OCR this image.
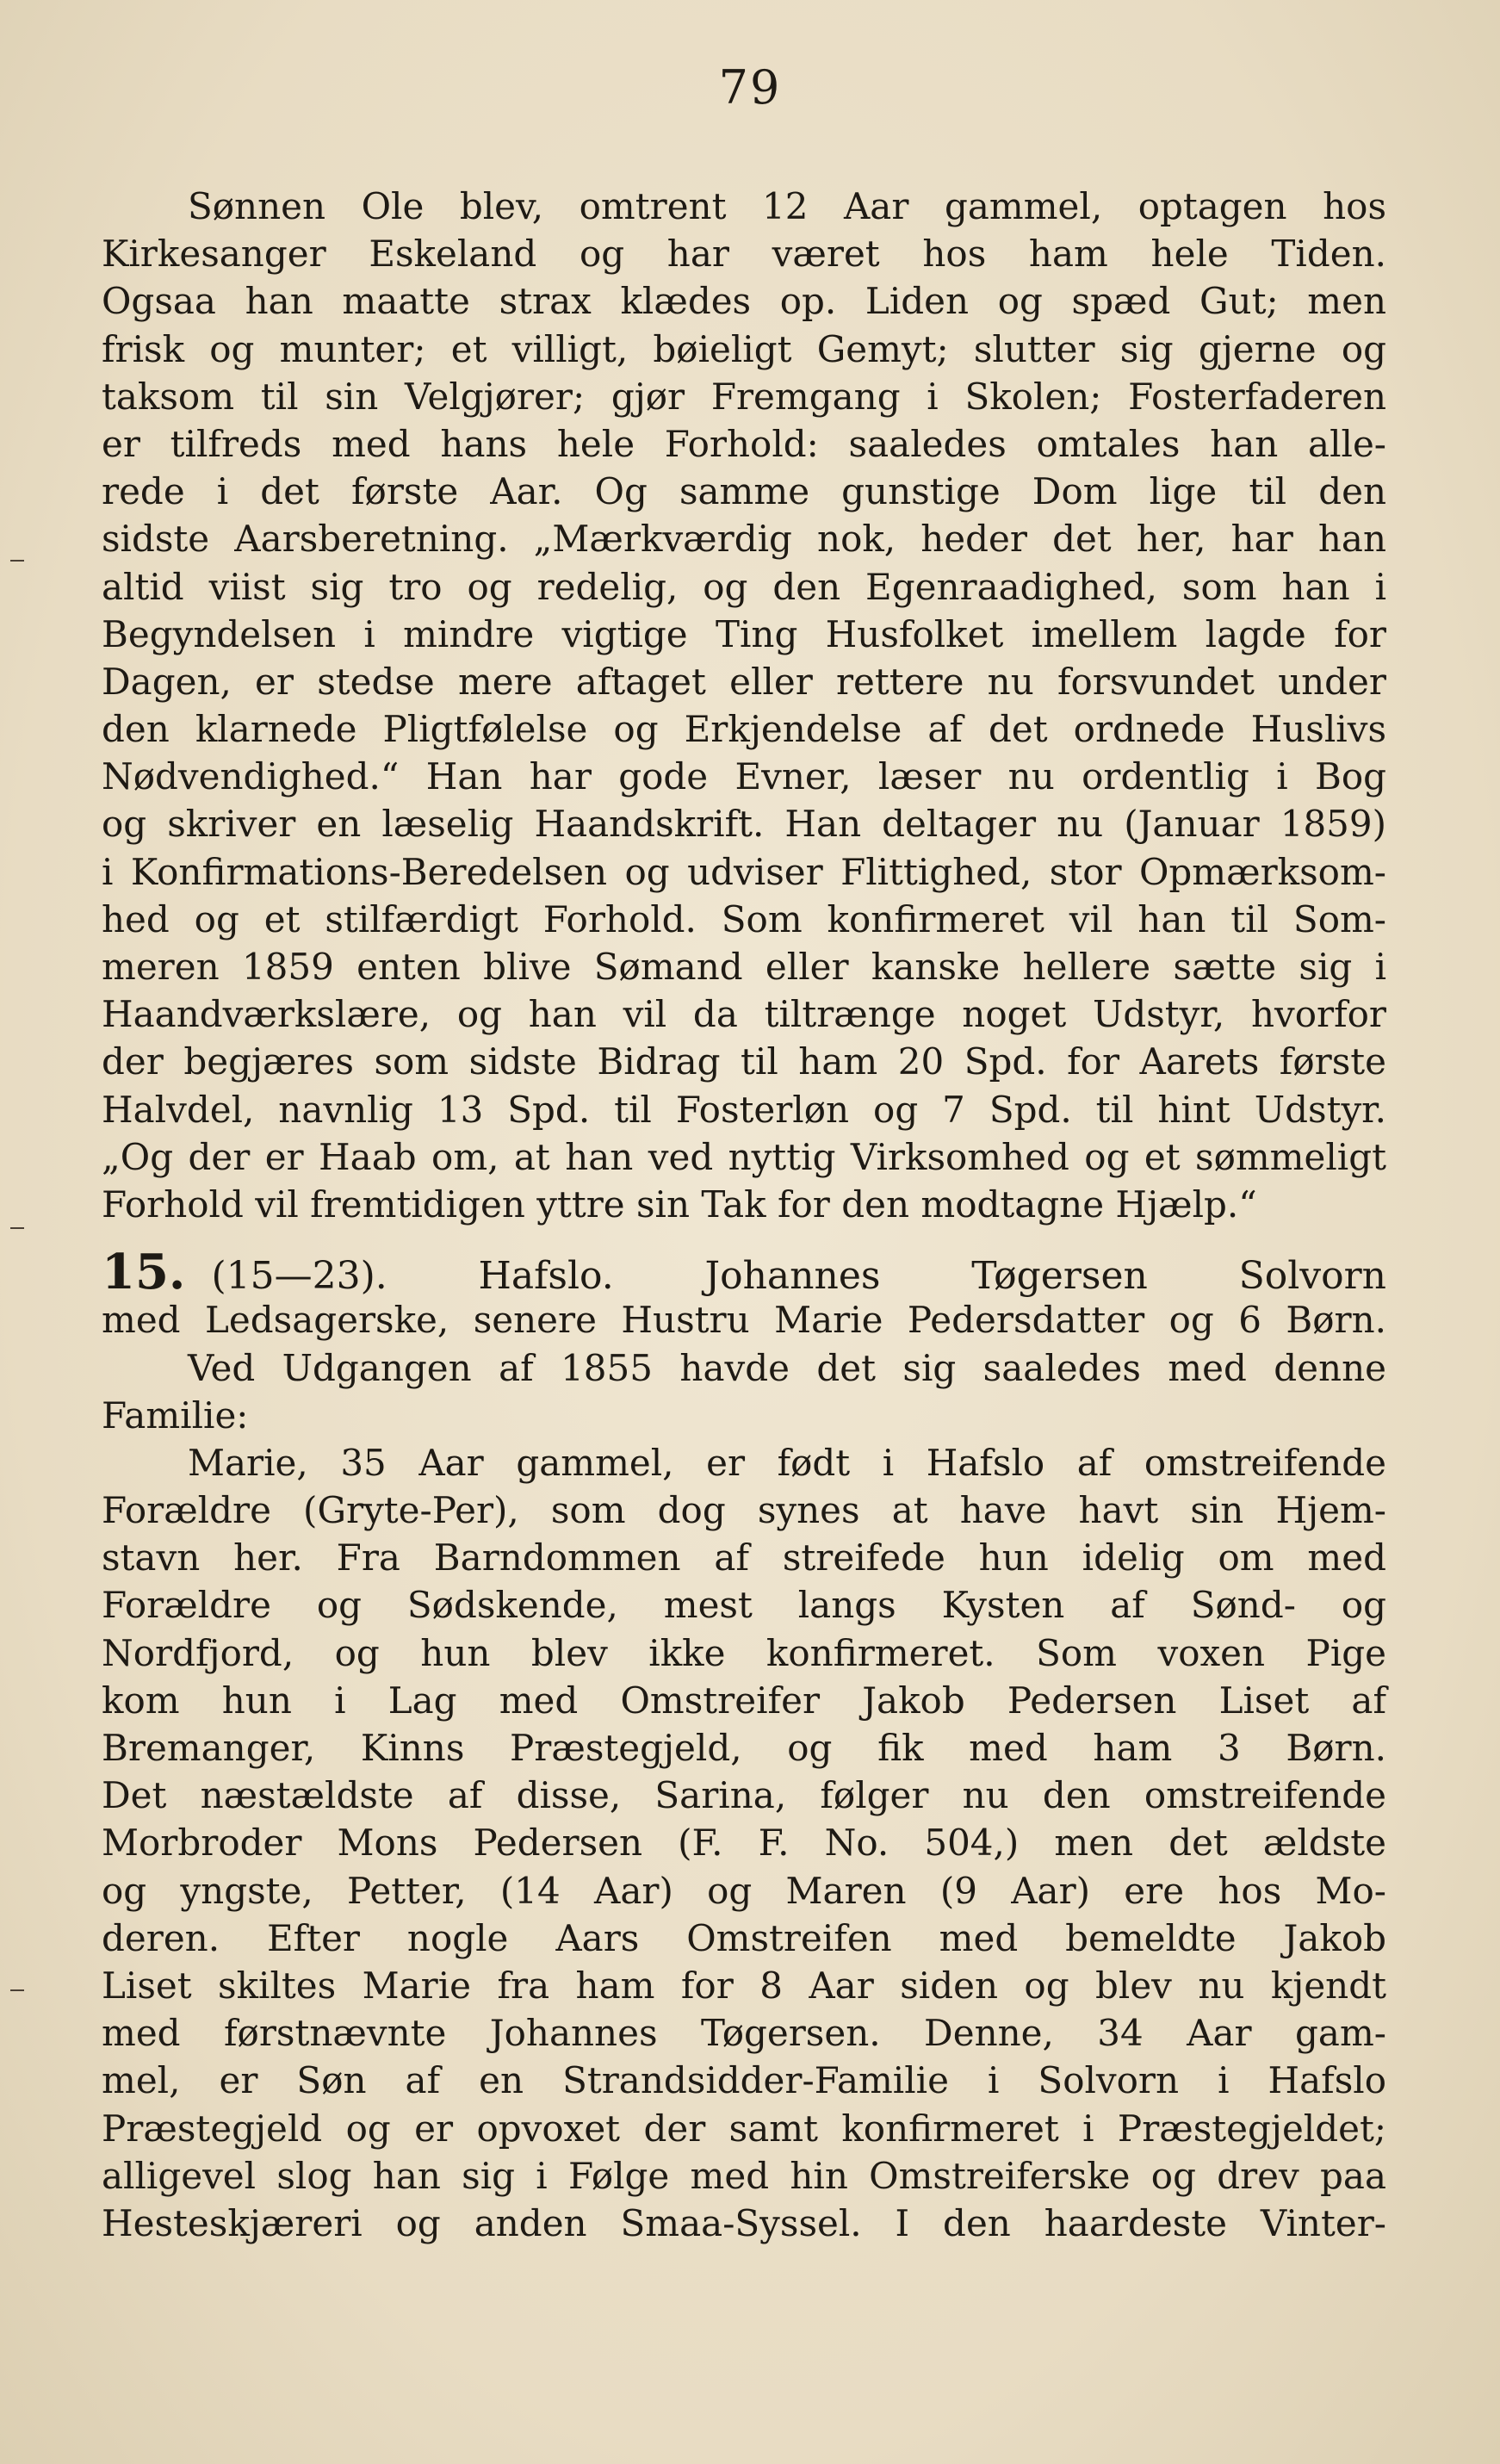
79
Sønnen Ole blev, omtrent 12 Aar gammel, optagen hos
Kirkesanger Eskeland og har været hos ham hele Tiden.
Ogsaa han maatte strax klædes op. Liden og spæd Gut; men
frisk og munter; et villigt, bøieligt Gemyt; slutter sig gjerne og
taksom til sin Velgjører; gjør Fremgang i Skolen; Fosterfaderen
er tilfreds med hans hele Forhold: saaledes omtales han alle-
rede i det første Aar. Og samme gunstige Dom lige til den
sidste Aarsberetning. „Mærkværdig nok, heder det her, har han
altid viist sig tro og redelig, og den Egenraadighed, som han i
Begyndelsen i mindre vigtige Ting Husfolket imellem lagde for
Dagen, er stedse mere aftaget eller rettere nu forsvundet under
den klarnede Pligtfølelse og Erkjendelse af det ordnede Huslivs
Nødvendighed.“ Han har gode Evner, læser nu ordentlig i Bog
og skriver en læselig Haandskrift. Han deltager nu (Januar 1859)
i Konfirmations-Beredelsen og udviser Flittighed, stor Opmærksom-
hed og et stilfærdigt Forhold. Som konfirmeret vil han til Som-
meren 1859 enten blive Sømand eller kanske hellere sætte sig i
Haandværkslære, og han vil da tiltrænge noget Udstyr, hvorfor
der begjæres som sidste Bidrag til ham 20 Spd. for Aarets første
Halvdel, navnlig 13 Spd. til Fosterløn og 7 Spd. til hint Udstyr.
„Og der er Haab om, at han ved nyttig Virksomhed og et sømmeligt
Forhold vil fremtidigen yttre sin Tak for den modtagne Hjælp.“
15. (15—23). Hafslo. Johannes Tøgersen Solvorn
med Ledsagerske, senere Hustru Marie Pedersdatter og 6 Børn.
Ved Udgangen af 1855 havde det sig saaledes med denne
Familie:
Marie, 35 Aar gammel, er født i Hafslo af omstreifende
Forældre (Gryte-Per), som dog synes at have havt sin Hjem-
stavn her. Fra Barndommen af streifede hun idelig om med
Forældre og Sødskende, mest langs Kysten af Sønd- og
Nordfjord, og hun blev ikke konfirmeret. Som voxen Pige
kom hun i Lag med Omstreifer Jakob Pedersen Liset af
Bremanger, Kinns Præstegjeld, og fik med ham 3 Børn.
Det næstældste af disse, Sarina, følger nu den omstreifende
Morbroder Mons Pedersen (F. F. No. 504,) men det ældste
og yngste, Petter, (14 Aar) og Maren (9 Aar) ere hos Mo-
deren. Efter nogle Aars Omstreifen med bemeldte Jakob
Liset skiltes Marie fra ham for 8 Aar siden og blev nu kjendt
med førstnævnte Johannes Tøgersen. Denne, 34 Aar gam-
mel, er Søn af en Strandsidder-Familie i Solvorn i Hafslo
Præstegjeld og er opvoxet der samt konfirmeret i Præstegjeldet;
alligevel slog han sig i Følge med hin Omstreiferske og drev paa
Hesteskjærerі og anden Smaa-Syssel. I den haardeste Vinter-
